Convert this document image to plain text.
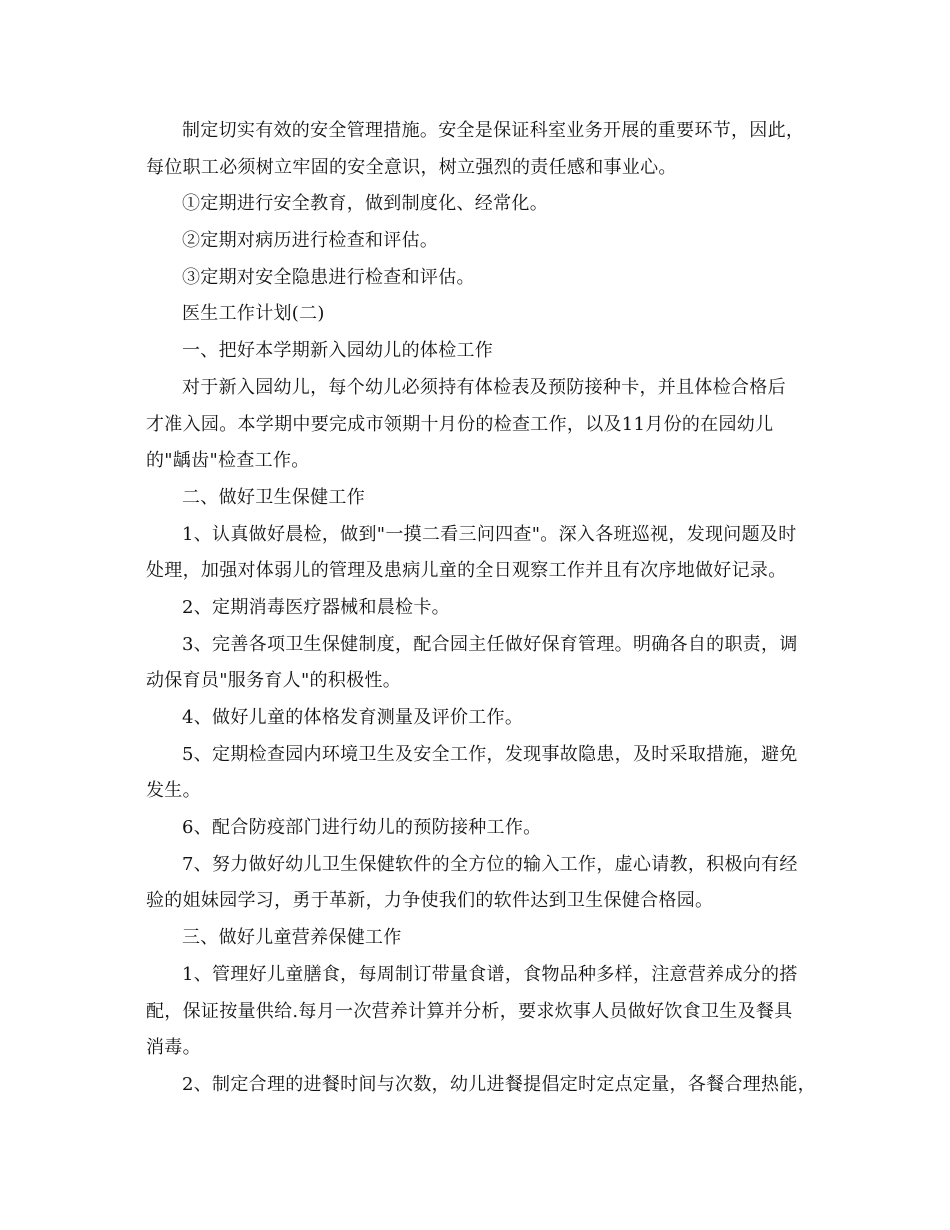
制定切实有效的安全管理措施。安全是保证科室业务开展的重要环节，因此，
每位职工必须树立牢固的安全意识，树立强烈的责任感和事业心。
①定期进行安全教育，做到制度化、经常化。
②定期对病历进行检查和评估。
③定期对安全隐患进行检查和评估。
医生工作计划(二)
一、把好本学期新入园幼儿的体检工作
对于新入园幼儿，每个幼儿必须持有体检表及预防接种卡，并且体检合格后
才准入园。本学期中要完成市领期十月份的检查工作，以及11月份的在园幼儿
的"龋齿"检查工作。
二、做好卫生保健工作
1、认真做好晨检，做到"一摸二看三问四查"。深入各班巡视，发现问题及时
处理，加强对体弱儿的管理及患病儿童的全日观察工作并且有次序地做好记录。
2、定期消毒医疗器械和晨检卡。
3、完善各项卫生保健制度，配合园主任做好保育管理。明确各自的职责，调
动保育员"服务育人"的积极性。
4、做好儿童的体格发育测量及评价工作。
5、定期检查园内环境卫生及安全工作，发现事故隐患，及时采取措施，避免
发生。
6、配合防疫部门进行幼儿的预防接种工作。
7、努力做好幼儿卫生保健软件的全方位的输入工作，虚心请教，积极向有经
验的姐妹园学习，勇于革新，力争使我们的软件达到卫生保健合格园。
三、做好儿童营养保健工作
1、管理好儿童膳食，每周制订带量食谱，食物品种多样，注意营养成分的搭
配，保证按量供给.每月一次营养计算并分析，要求炊事人员做好饮食卫生及餐具
消毒。
2、制定合理的进餐时间与次数，幼儿进餐提倡定时定点定量，各餐合理热能，
